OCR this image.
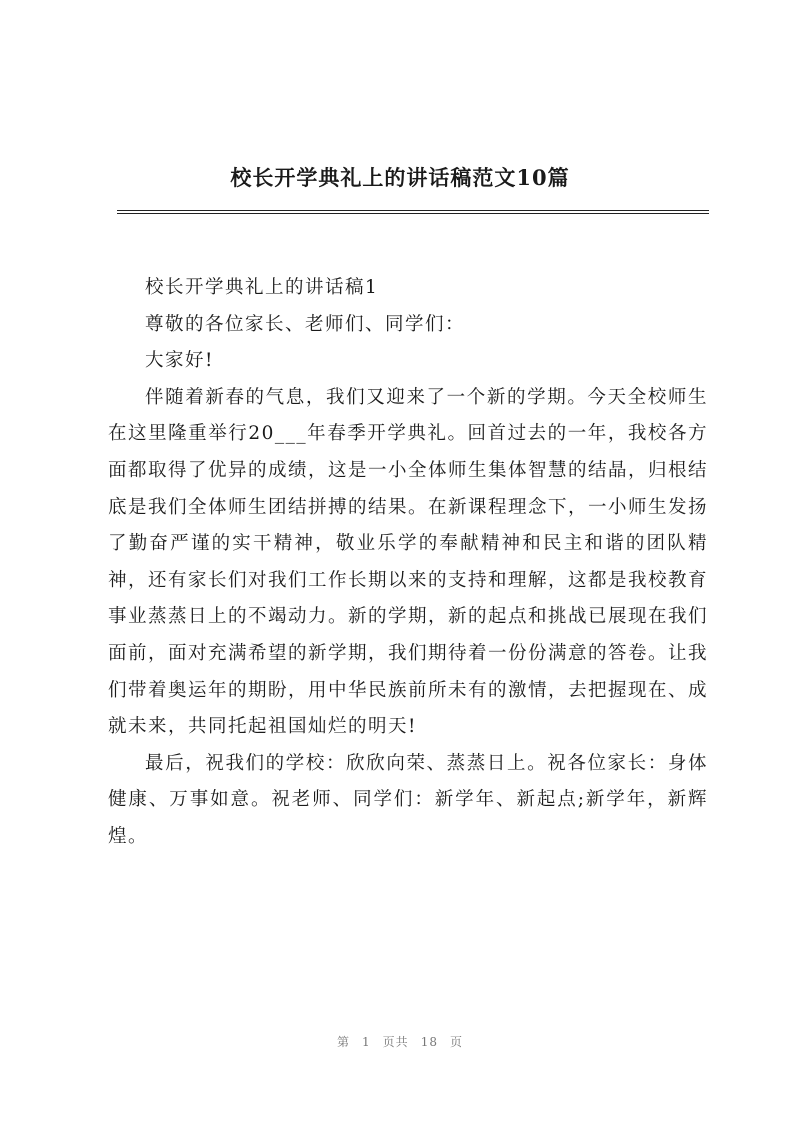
校长开学典礼上的讲话稿范文10篇

校长开学典礼上的讲话稿1

尊敬的各位家长、老师们、同学们：

大家好!

伴随着新春的气息，我们又迎来了一个新的学期。今天全校师生在这里隆重举行20___年春季开学典礼。回首过去的一年，我校各方面都取得了优异的成绩，这是一小全体师生集体智慧的结晶，归根结底是我们全体师生团结拼搏的结果。在新课程理念下，一小师生发扬了勤奋严谨的实干精神，敬业乐学的奉献精神和民主和谐的团队精神，还有家长们对我们工作长期以来的支持和理解，这都是我校教育事业蒸蒸日上的不竭动力。新的学期，新的起点和挑战已展现在我们面前，面对充满希望的新学期，我们期待着一份份满意的答卷。让我们带着奥运年的期盼，用中华民族前所未有的激情，去把握现在、成就未来，共同托起祖国灿烂的明天!

最后，祝我们的学校：欣欣向荣、蒸蒸日上。祝各位家长：身体健康、万事如意。祝老师、同学们：新学年、新起点;新学年，新辉煌。

第 1 页共 18 页
